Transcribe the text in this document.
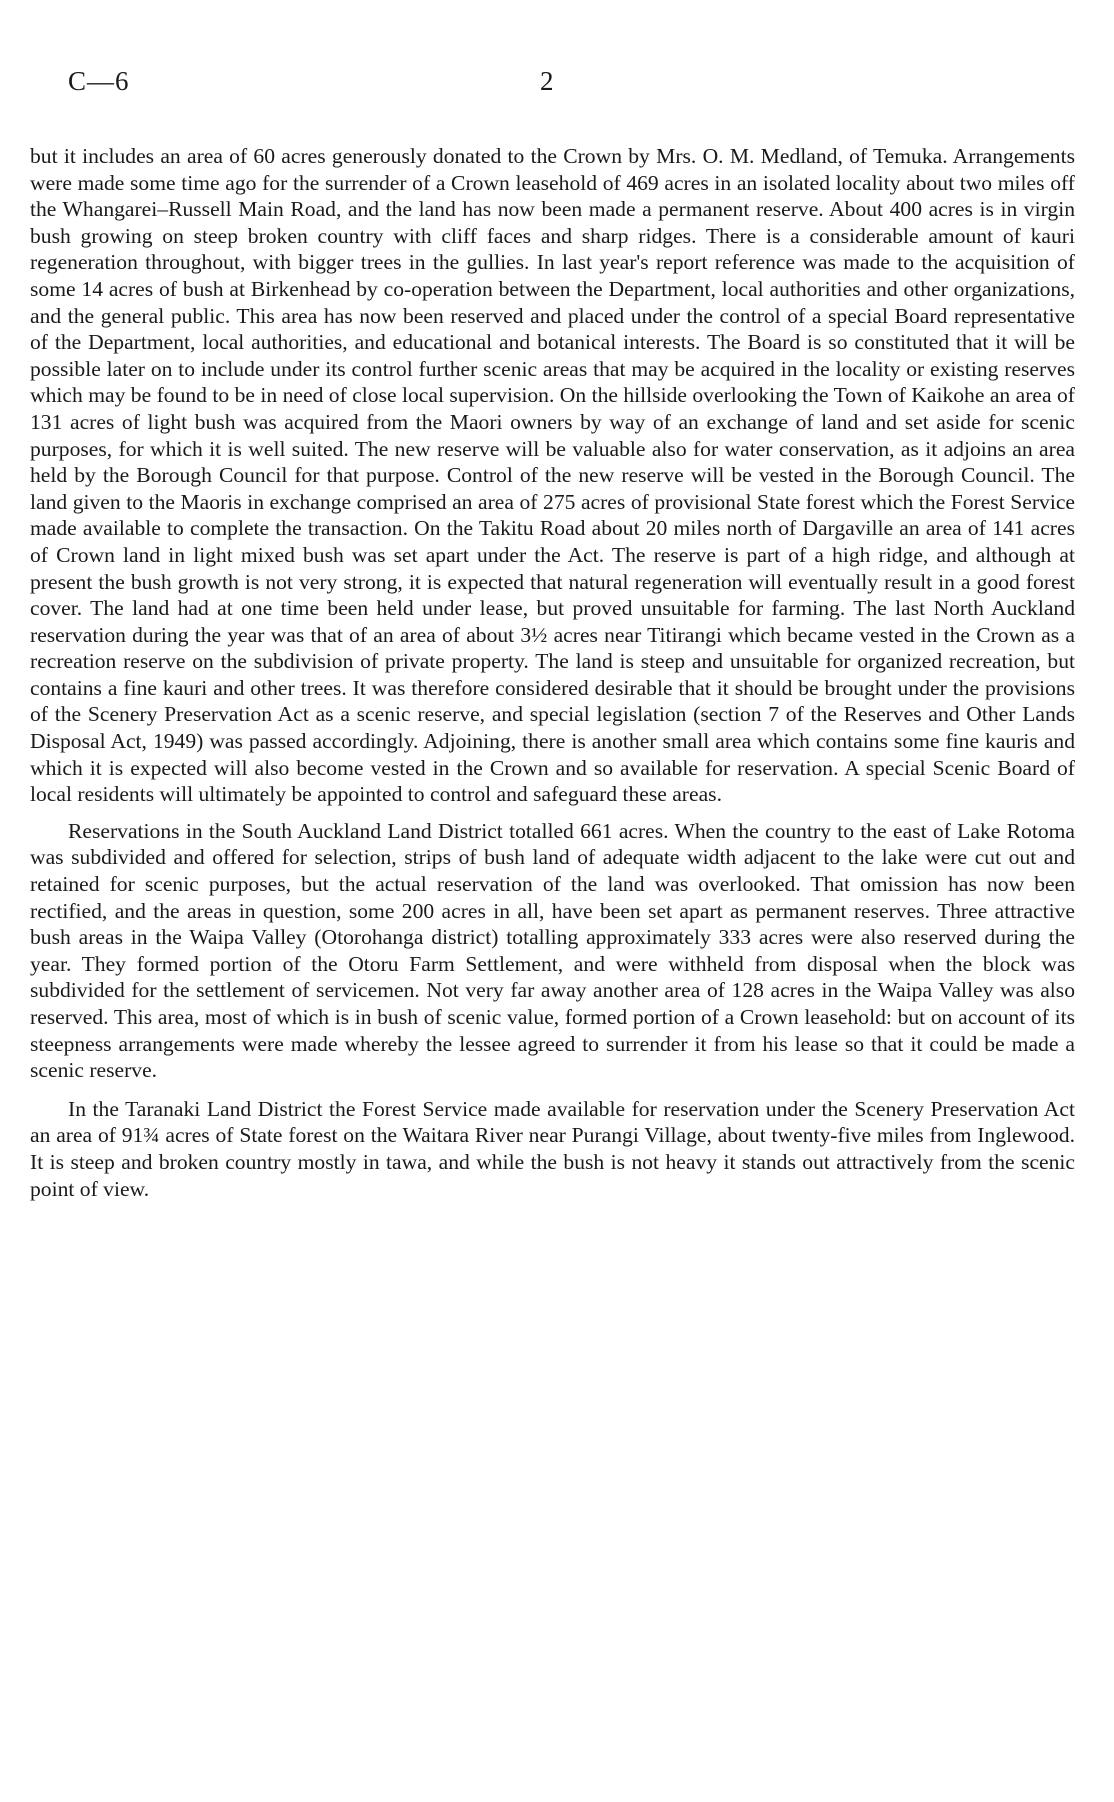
C—6	2

but it includes an area of 60 acres generously donated to the Crown by Mrs. O. M. Medland, of Temuka. Arrangements were made some time ago for the surrender of a Crown leasehold of 469 acres in an isolated locality about two miles off the Whangarei–Russell Main Road, and the land has now been made a permanent reserve. About 400 acres is in virgin bush growing on steep broken country with cliff faces and sharp ridges. There is a considerable amount of kauri regeneration throughout, with bigger trees in the gullies. In last year's report reference was made to the acquisition of some 14 acres of bush at Birkenhead by co-operation between the Department, local authorities and other organizations, and the general public. This area has now been reserved and placed under the control of a special Board representative of the Department, local authorities, and educational and botanical interests. The Board is so constituted that it will be possible later on to include under its control further scenic areas that may be acquired in the locality or existing reserves which may be found to be in need of close local supervision. On the hillside overlooking the Town of Kaikohe an area of 131 acres of light bush was acquired from the Maori owners by way of an exchange of land and set aside for scenic purposes, for which it is well suited. The new reserve will be valuable also for water conservation, as it adjoins an area held by the Borough Council for that purpose. Control of the new reserve will be vested in the Borough Council. The land given to the Maoris in exchange comprised an area of 275 acres of provisional State forest which the Forest Service made available to complete the transaction. On the Takitu Road about 20 miles north of Dargaville an area of 141 acres of Crown land in light mixed bush was set apart under the Act. The reserve is part of a high ridge, and although at present the bush growth is not very strong, it is expected that natural regeneration will eventually result in a good forest cover. The land had at one time been held under lease, but proved unsuitable for farming. The last North Auckland reservation during the year was that of an area of about 3½ acres near Titirangi which became vested in the Crown as a recreation reserve on the subdivision of private property. The land is steep and unsuitable for organized recreation, but contains a fine kauri and other trees. It was therefore considered desirable that it should be brought under the provisions of the Scenery Preservation Act as a scenic reserve, and special legislation (section 7 of the Reserves and Other Lands Disposal Act, 1949) was passed accordingly. Adjoining, there is another small area which contains some fine kauris and which it is expected will also become vested in the Crown and so available for reservation. A special Scenic Board of local residents will ultimately be appointed to control and safeguard these areas.

Reservations in the South Auckland Land District totalled 661 acres. When the country to the east of Lake Rotoma was subdivided and offered for selection, strips of bush land of adequate width adjacent to the lake were cut out and retained for scenic purposes, but the actual reservation of the land was overlooked. That omission has now been rectified, and the areas in question, some 200 acres in all, have been set apart as permanent reserves. Three attractive bush areas in the Waipa Valley (Otorohanga district) totalling approximately 333 acres were also reserved during the year. They formed portion of the Otoru Farm Settlement, and were withheld from disposal when the block was subdivided for the settlement of servicemen. Not very far away another area of 128 acres in the Waipa Valley was also reserved. This area, most of which is in bush of scenic value, formed portion of a Crown leasehold: but on account of its steepness arrangements were made whereby the lessee agreed to surrender it from his lease so that it could be made a scenic reserve.

In the Taranaki Land District the Forest Service made available for reservation under the Scenery Preservation Act an area of 91¾ acres of State forest on the Waitara River near Purangi Village, about twenty-five miles from Inglewood. It is steep and broken country mostly in tawa, and while the bush is not heavy it stands out attractively from the scenic point of view.
